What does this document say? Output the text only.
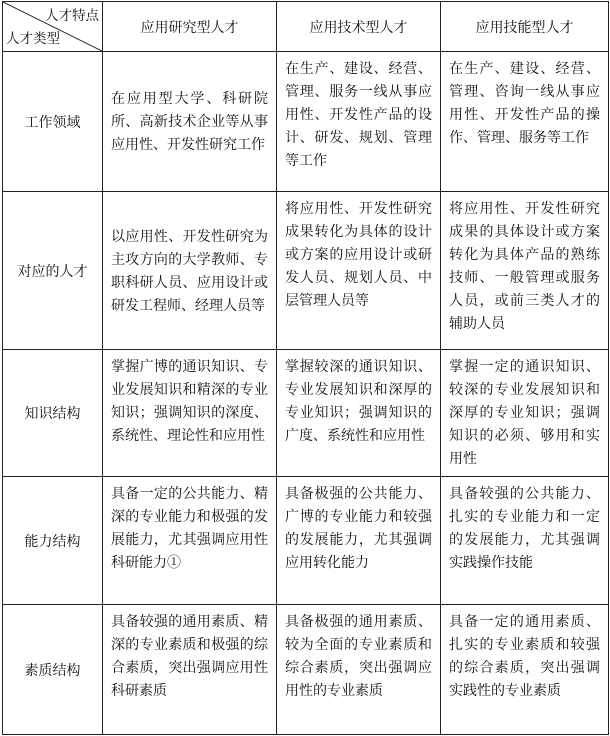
人才特点
人才类型	应用研究型人才	应用技术型人才	应用技能型人才
工作领域	在应用型大学、科研院所、高新技术企业等从事应用性、开发性研究工作	在生产、建设、经营、管理、服务一线从事应用性、开发性产品的设计、研发、规划、管理等工作	在生产、建设、经营、管理、咨询一线从事应用性、开发性产品的操作、管理、服务等工作
对应的人才	以应用性、开发性研究为主攻方向的大学教师、专职科研人员、应用设计或研发工程师、经理人员等	将应用性、开发性研究成果转化为具体的设计或方案的应用设计或研发人员、规划人员、中层管理人员等	将应用性、开发性研究成果的具体设计或方案转化为具体产品的熟练技师、一般管理或服务人员，或前三类人才的辅助人员
知识结构	掌握广博的通识知识、专业发展知识和精深的专业知识；强调知识的深度、系统性、理论性和应用性	掌握较深的通识知识、专业发展知识和深厚的专业知识；强调知识的广度、系统性和应用性	掌握一定的通识知识、较深的专业发展知识和深厚的专业知识；强调知识的必须、够用和实用性
能力结构	具备一定的公共能力、精深的专业能力和极强的发展能力，尤其强调应用性科研能力①	具备极强的公共能力、广博的专业能力和较强的发展能力，尤其强调应用转化能力	具备较强的公共能力、扎实的专业能力和一定的发展能力，尤其强调实践操作技能
素质结构	具备较强的通用素质、精深的专业素质和极强的综合素质，突出强调应用性科研素质	具备极强的通用素质、较为全面的专业素质和综合素质，突出强调应用性的专业素质	具备一定的通用素质、扎实的专业素质和较强的综合素质，突出强调实践性的专业素质
